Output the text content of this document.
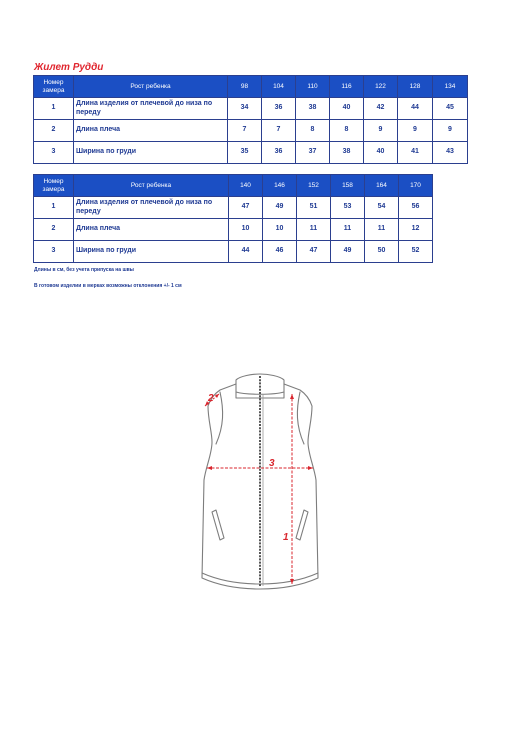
Жилет Рудди
Номер замера	Рост ребенка	98	104	110	116	122	128	134
1	Длина изделия от плечевой до низа по переду	34	36	38	40	42	44	45
2	Длина плеча	7	7	8	8	9	9	9
3	Ширина по груди	35	36	37	38	40	41	43
Номер замера	Рост ребенка	140	146	152	158	164	170
1	Длина изделия от плечевой до низа по переду	47	49	51	53	54	56
2	Длина плеча	10	10	11	11	11	12
3	Ширина по груди	44	46	47	49	50	52
Длины в см, без учета припуска на швы
В готовом изделии в мерках возможны отклонения +/- 1 см
2
3
1
